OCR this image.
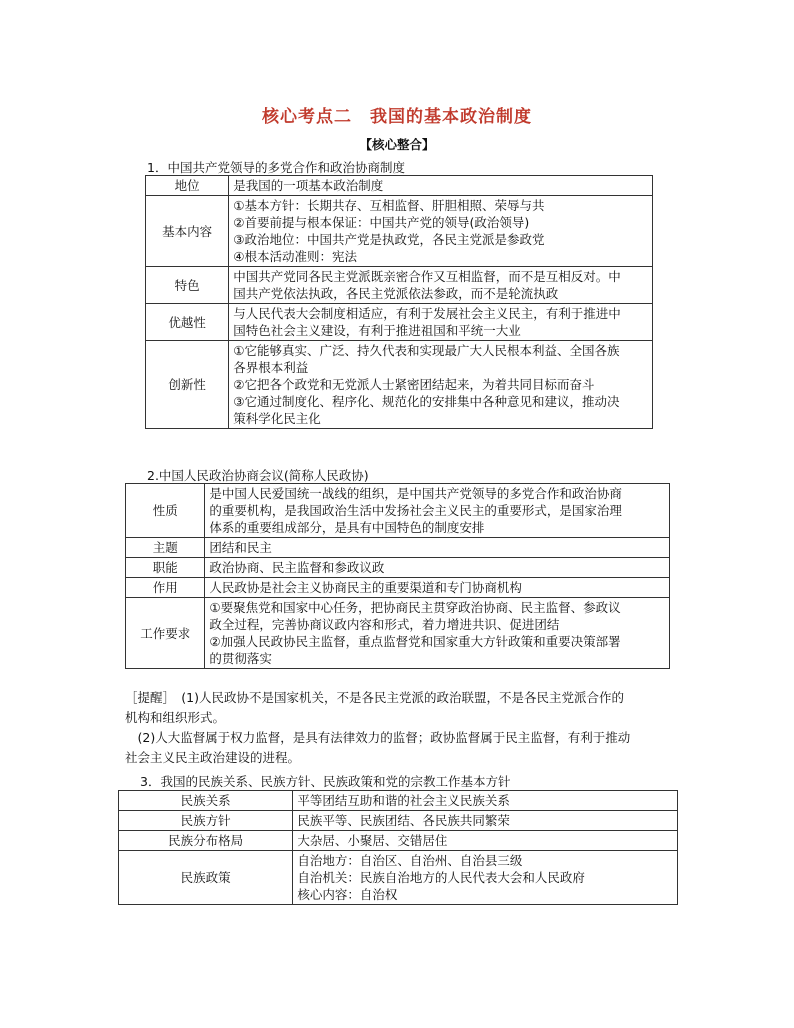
核心考点二　我国的基本政治制度
【核心整合】
1．中国共产党领导的多党合作和政治协商制度
地位	是我国的一项基本政治制度

基本内容	①基本方针：长期共存、互相监督、肝胆相照、荣辱与共
②首要前提与根本保证：中国共产党的领导(政治领导)
③政治地位：中国共产党是执政党，各民主党派是参政党
④根本活动准则：宪法

特色	中国共产党同各民主党派既亲密合作又互相监督，而不是互相反对。中
国共产党依法执政，各民主党派依法参政，而不是轮流执政

优越性	与人民代表大会制度相适应，有利于发展社会主义民主，有利于推进中
国特色社会主义建设，有利于推进祖国和平统一大业

创新性	①它能够真实、广泛、持久代表和实现最广大人民根本利益、全国各族
各界根本利益
②它把各个政党和无党派人士紧密团结起来，为着共同目标而奋斗
③它通过制度化、程序化、规范化的安排集中各种意见和建议，推动决
策科学化民主化
2.中国人民政治协商会议(简称人民政协)
性质	是中国人民爱国统一战线的组织，是中国共产党领导的多党合作和政治协商
的重要机构，是我国政治生活中发扬社会主义民主的重要形式，是国家治理
体系的重要组成部分，是具有中国特色的制度安排

主题	团结和民主

职能	政治协商、民主监督和参政议政

作用	人民政协是社会主义协商民主的重要渠道和专门协商机构

工作要求	①要聚焦党和国家中心任务，把协商民主贯穿政治协商、民主监督、参政议
政全过程，完善协商议政内容和形式，着力增进共识、促进团结
②加强人民政协民主监督，重点监督党和国家重大方针政策和重要决策部署
的贯彻落实
［提醒］　(1)人民政协不是国家机关，不是各民主党派的政治联盟，不是各民主党派合作的
机构和组织形式。
　(2)人大监督属于权力监督，是具有法律效力的监督；政协监督属于民主监督，有利于推动
社会主义民主政治建设的进程。
3．我国的民族关系、民族方针、民族政策和党的宗教工作基本方针
民族关系	平等团结互助和谐的社会主义民族关系

民族方针	民族平等、民族团结、各民族共同繁荣

民族分布格局	大杂居、小聚居、交错居住

民族政策	自治地方：自治区、自治州、自治县三级
自治机关：民族自治地方的人民代表大会和人民政府
核心内容：自治权
